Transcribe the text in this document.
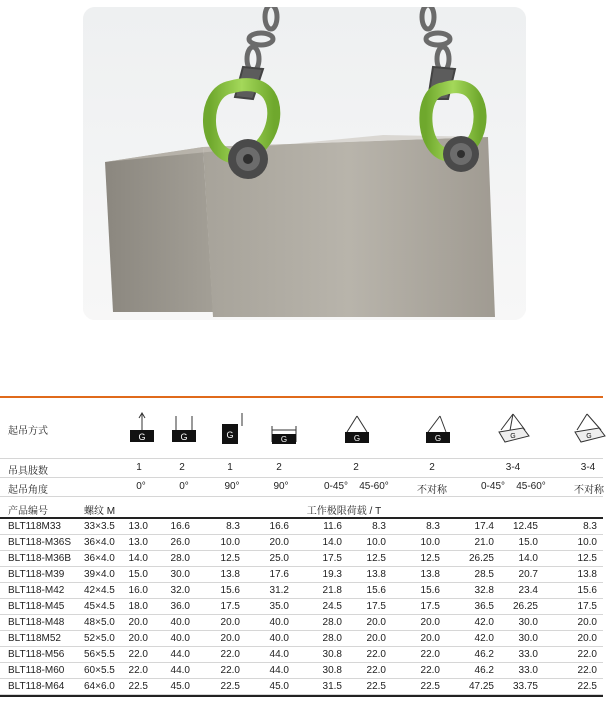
起吊方式	G	G	G	G	G	G	G	G
吊具肢数	1	2	1	2	2	2	3-4	3-4
起吊角度	0°	0°	90°	90°	0-45° 45-60°	不对称	0-45° 45-60°	不对称
产品编号	螺纹 M	工作极限荷载 / T
BLT118M33 33×3.5 13.0 16.6	8.3	16.6	11.6	8.3	8.3	17.4 12.45	8.3
BLT118-M36S 36×4.0 13.0 26.0	10.0	20.0	14.0 10.0	10.0	21.0 15.0	10.0
BLT118-M36B 36×4.0 14.0 28.0	12.5	25.0	17.5 12.5	12.5	26.25 14.0	12.5
BLT118-M39 39×4.0 15.0 30.0	13.8	17.6	19.3 13.8	13.8	28.5 20.7	13.8
BLT118-M42 42×4.5 16.0 32.0	15.6	31.2	21.8 15.6	15.6	32.8 23.4	15.6
BLT118-M45 45×4.5 18.0 36.0	17.5	35.0	24.5 17.5	17.5	36.5 26.25	17.5
BLT118-M48 48×5.0 20.0 40.0	20.0	40.0	28.0 20.0	20.0	42.0 30.0	20.0
BLT118M52 52×5.0 20.0 40.0	20.0	40.0	28.0 20.0	20.0	42.0 30.0	20.0
BLT118-M56 56×5.5 22.0 44.0	22.0	44.0	30.8 22.0	22.0	46.2 33.0	22.0
BLT118-M60 60×5.5 22.0 44.0	22.0	44.0	30.8 22.0	22.0	46.2 33.0	22.0
BLT118-M64 64×6.0 22.5 45.0	22.5	45.0	31.5 22.5	22.5	47.25 33.75	22.5
